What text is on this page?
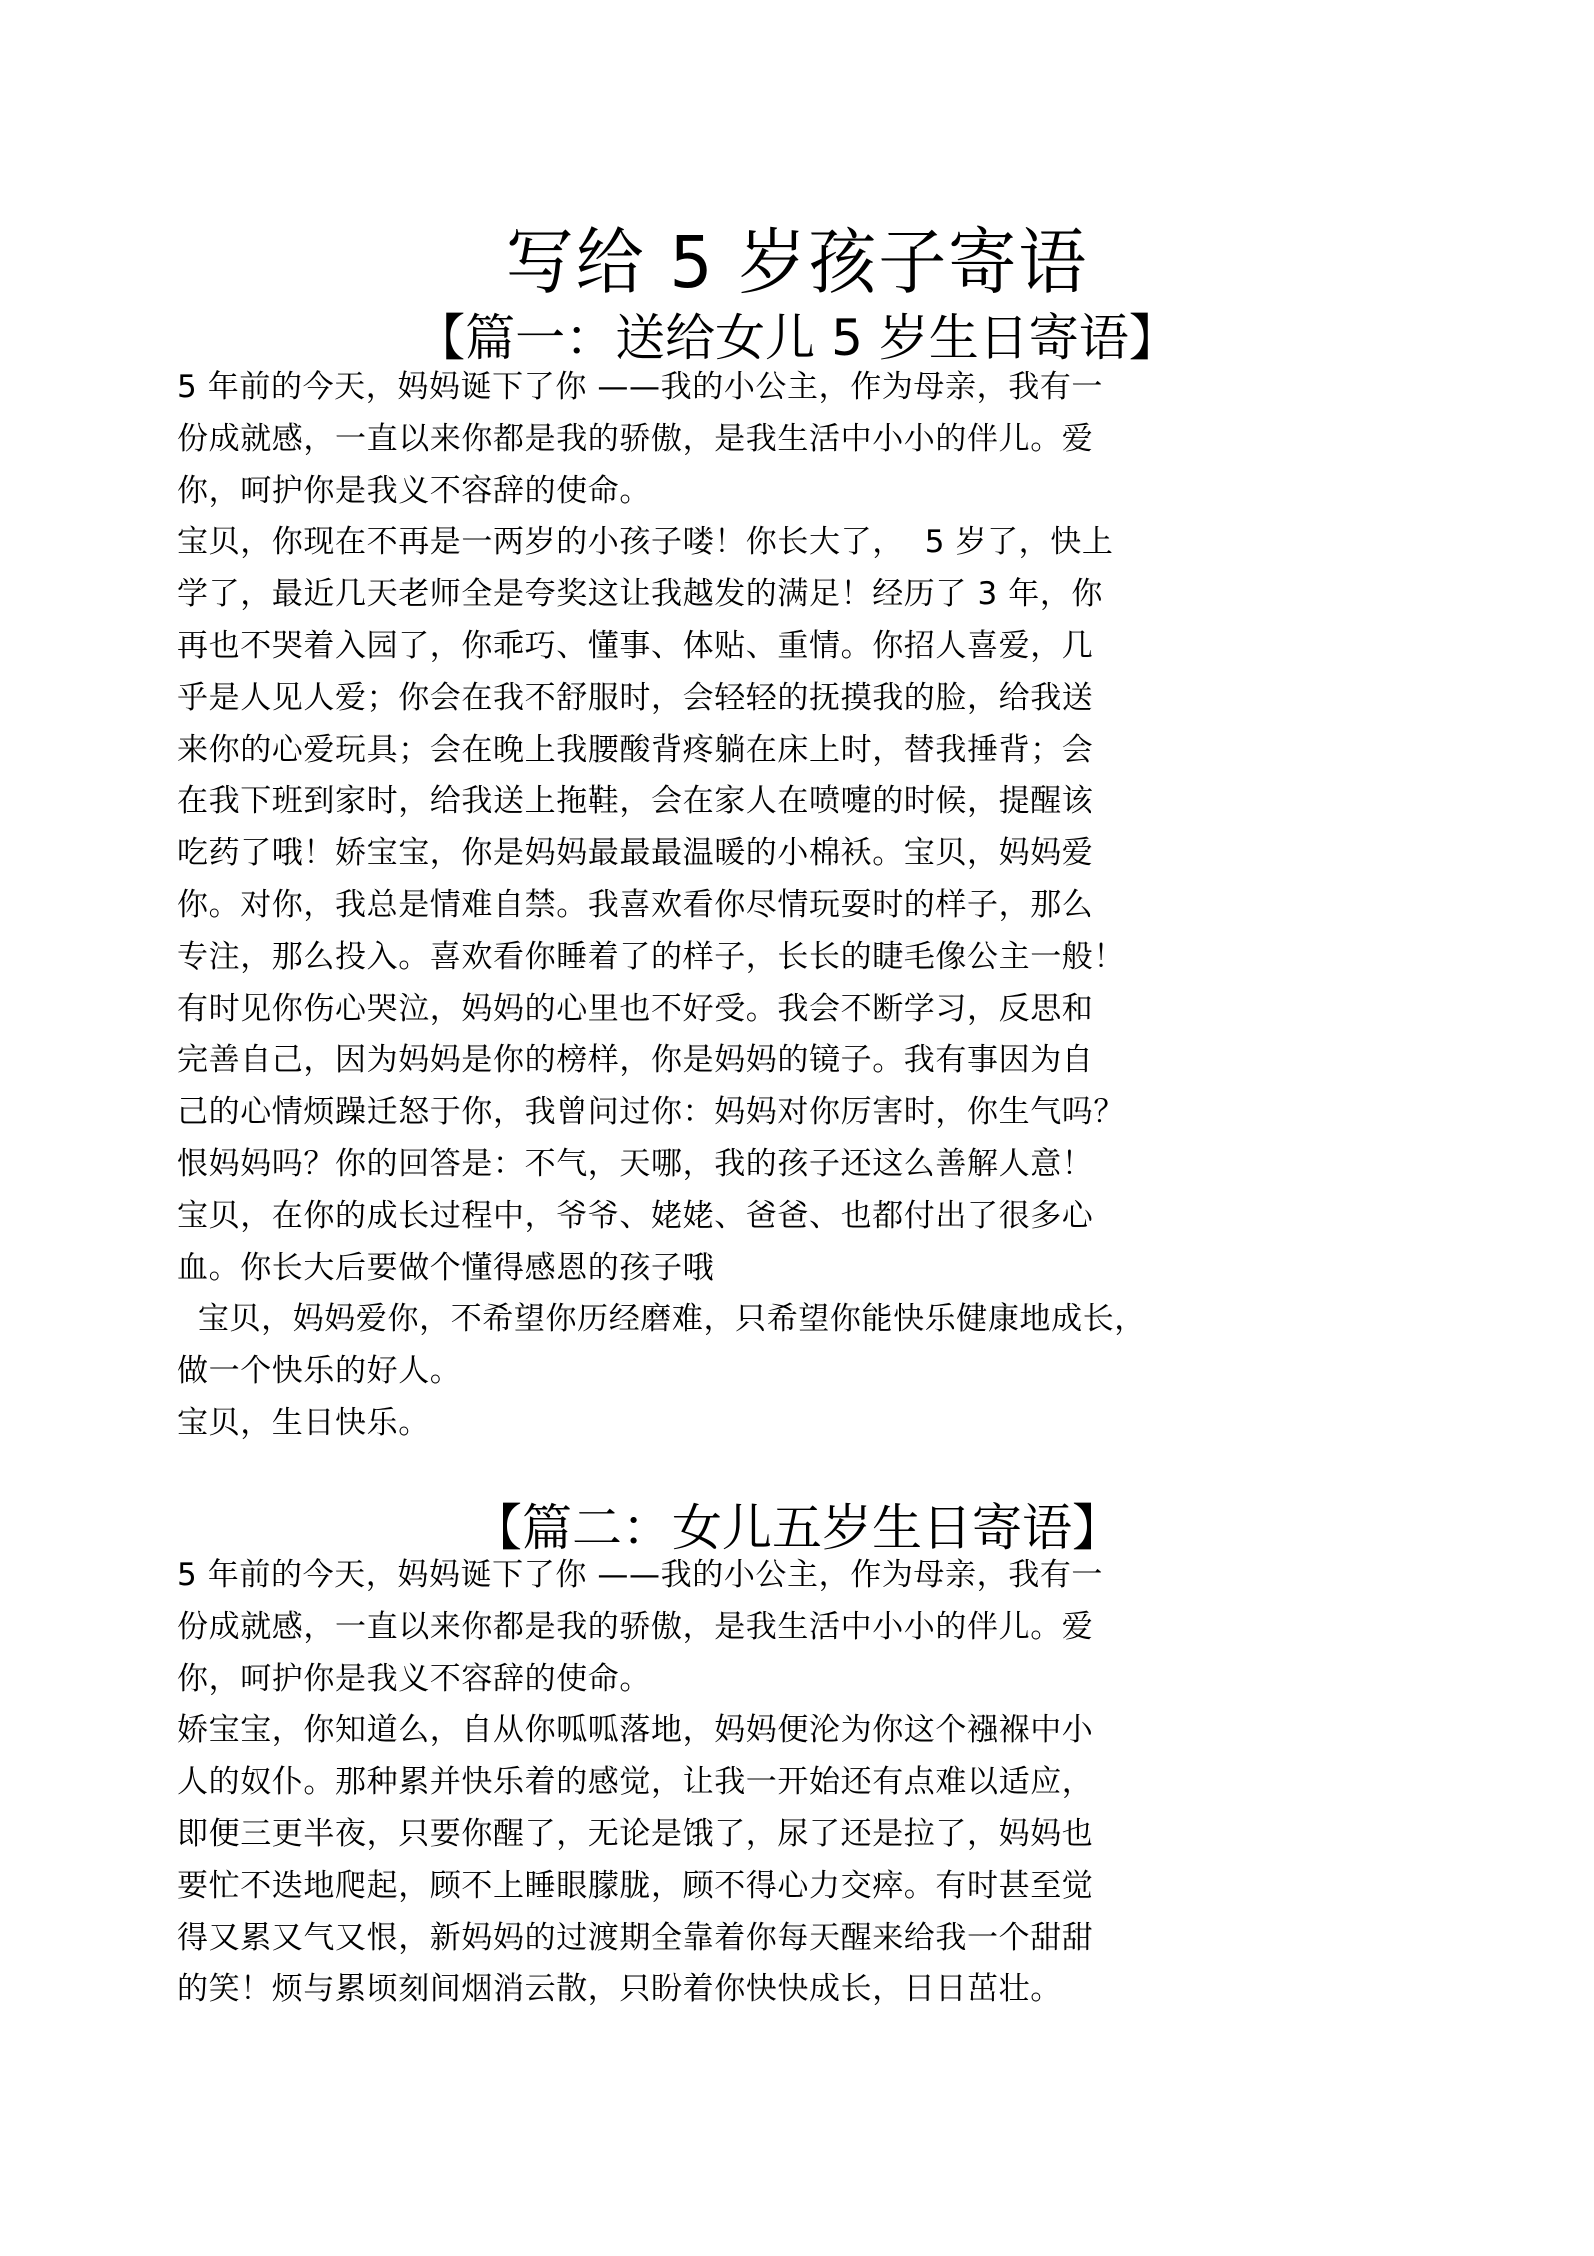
写给 5 岁孩子寄语
【篇一：送给女儿 5 岁生日寄语】
5 年前的今天，妈妈诞下了你 ——我的小公主，作为母亲，我有一
份成就感，一直以来你都是我的骄傲，是我生活中小小的伴儿。爱
你，呵护你是我义不容辞的使命。
宝贝，你现在不再是一两岁的小孩子喽！你长大了，  5 岁了，快上
学了，最近几天老师全是夸奖这让我越发的满足！经历了 3 年，你
再也不哭着入园了，你乖巧、懂事、体贴、重情。你招人喜爱，几
乎是人见人爱；你会在我不舒服时，会轻轻的抚摸我的脸，给我送
来你的心爱玩具；会在晚上我腰酸背疼躺在床上时，替我捶背；会
在我下班到家时，给我送上拖鞋，会在家人在喷嚏的时候，提醒该
吃药了哦！娇宝宝，你是妈妈最最最温暖的小棉袄。宝贝，妈妈爱
你。对你，我总是情难自禁。我喜欢看你尽情玩耍时的样子，那么
专注，那么投入。喜欢看你睡着了的样子，长长的睫毛像公主一般！
有时见你伤心哭泣，妈妈的心里也不好受。我会不断学习，反思和
完善自己，因为妈妈是你的榜样，你是妈妈的镜子。我有事因为自
己的心情烦躁迁怒于你，我曾问过你：妈妈对你厉害时，你生气吗？
恨妈妈吗？你的回答是：不气，天哪，我的孩子还这么善解人意！
宝贝，在你的成长过程中，爷爷、姥姥、爸爸、也都付出了很多心
血。你长大后要做个懂得感恩的孩子哦
宝贝，妈妈爱你，不希望你历经磨难，只希望你能快乐健康地成长，
做一个快乐的好人。
宝贝，生日快乐。
【篇二：女儿五岁生日寄语】
5 年前的今天，妈妈诞下了你 ——我的小公主，作为母亲，我有一
份成就感，一直以来你都是我的骄傲，是我生活中小小的伴儿。爱
你，呵护你是我义不容辞的使命。
娇宝宝，你知道么，自从你呱呱落地，妈妈便沦为你这个襁褓中小
人的奴仆。那种累并快乐着的感觉，让我一开始还有点难以适应，
即便三更半夜，只要你醒了，无论是饿了，尿了还是拉了，妈妈也
要忙不迭地爬起，顾不上睡眼朦胧，顾不得心力交瘁。有时甚至觉
得又累又气又恨，新妈妈的过渡期全靠着你每天醒来给我一个甜甜
的笑！烦与累顷刻间烟消云散，只盼着你快快成长，日日茁壮。
